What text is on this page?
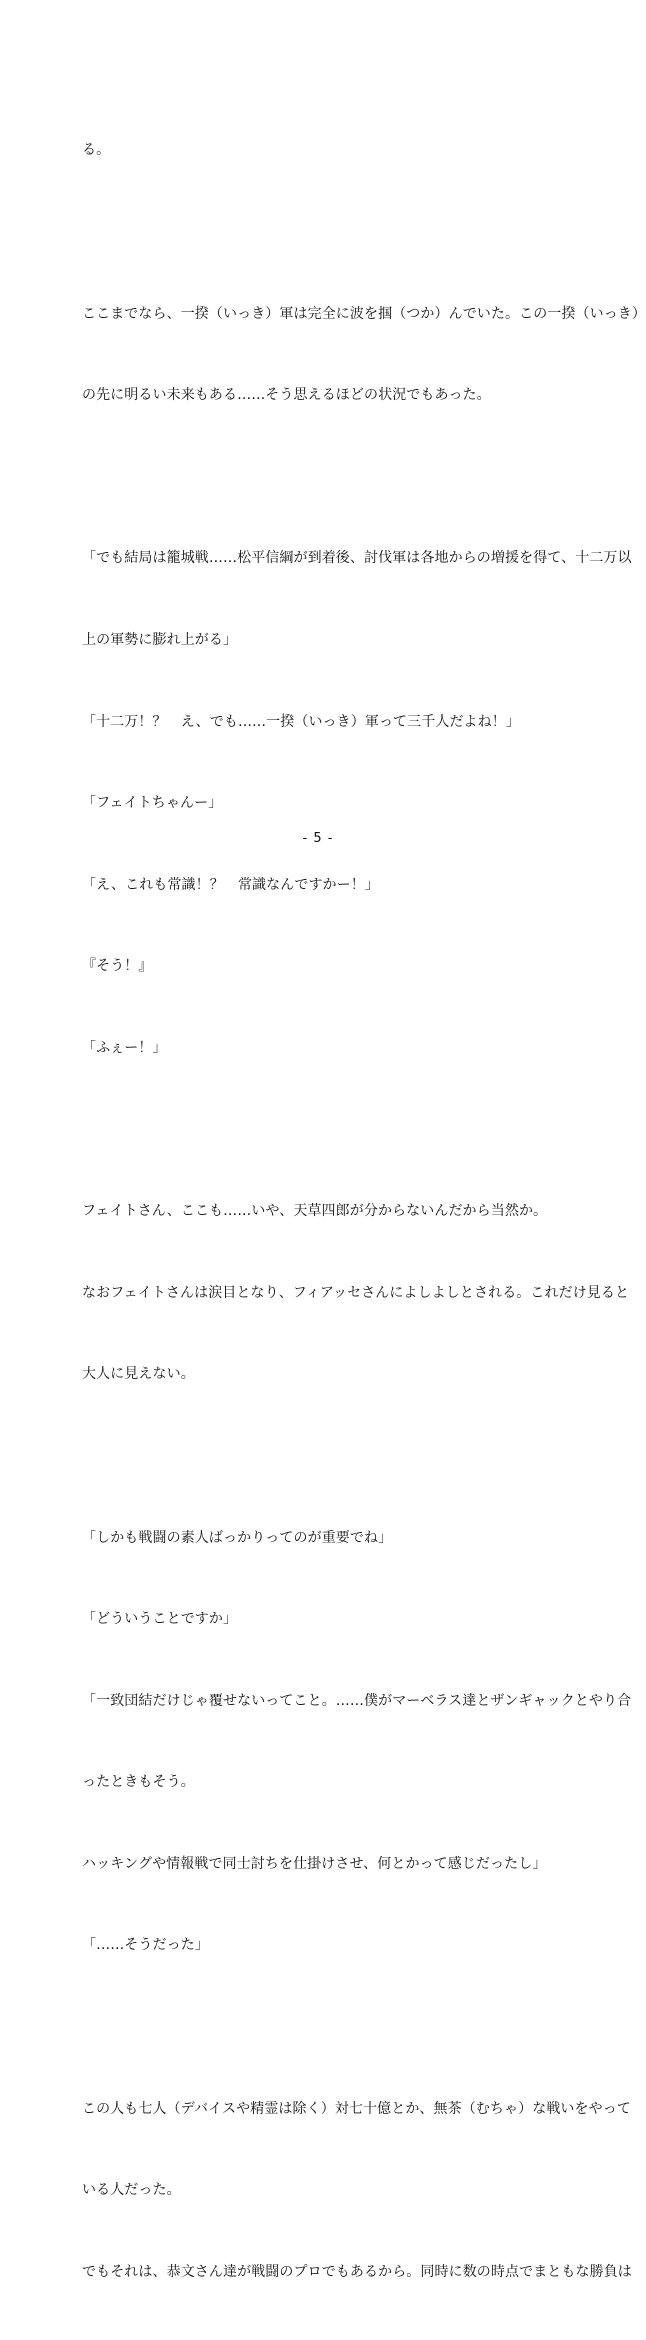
る。

ここまでなら、一揆（いっき）軍は完全に波を掴（つか）んでいた。この一揆（いっき）

の先に明るい未来もある……そう思えるほどの状況でもあった。

「でも結局は籠城戦……松平信綱が到着後、討伐軍は各地からの増援を得て、十二万以

上の軍勢に膨れ上がる」

「十二万！？　え、でも……一揆（いっき）軍って三千人だよね！」

「フェイトちゃんー」

「え、これも常識！？　常識なんですかー！」

『そう！』

「ふぇー！」

フェイトさん、ここも……いや、天草四郎が分からないんだから当然か。

なおフェイトさんは涙目となり、フィアッセさんによしよしとされる。これだけ見ると

大人に見えない。

「しかも戦闘の素人ばっかりってのが重要でね」

「どういうことですか」

「一致団結だけじゃ覆せないってこと。……僕がマーベラス達とザンギャックとやり合

ったときもそう。

ハッキングや情報戦で同士討ちを仕掛けさせ、何とかって感じだったし」

「……そうだった」

この人も七人（デバイスや精霊は除く）対七十億とか、無茶（むちゃ）な戦いをやって

いる人だった。

でもそれは、恭文さん達が戦闘のプロでもあるから。同時に数の時点でまともな勝負は

- 5 -
